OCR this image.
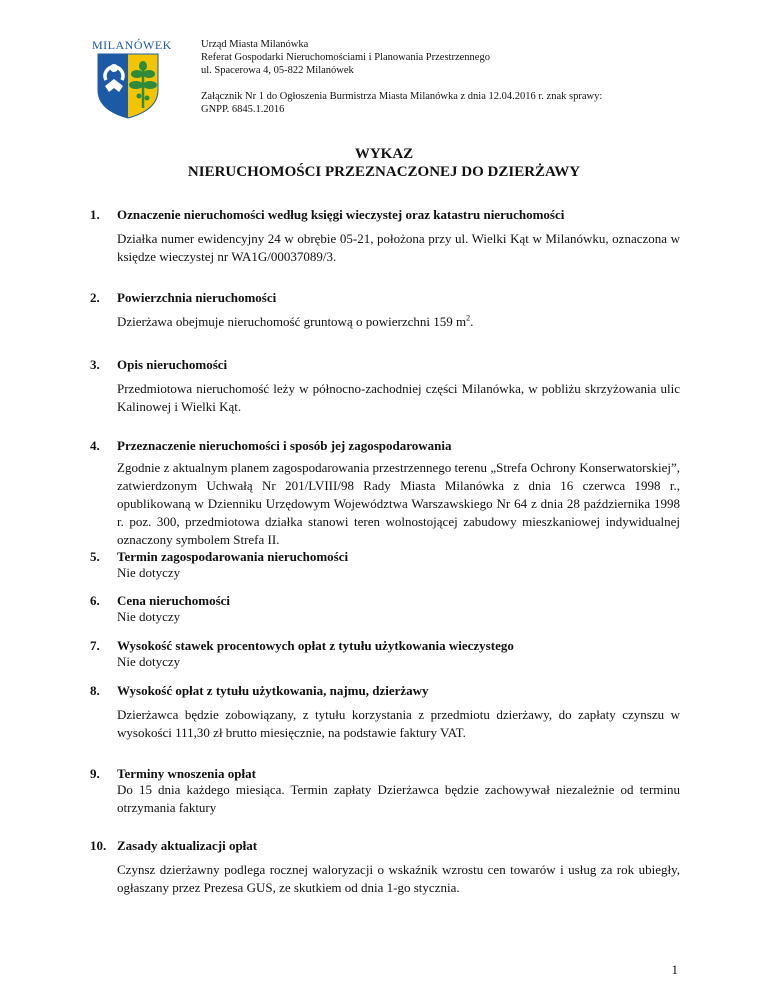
MILANÓWEK	Urząd Miasta Milanówka
Referat Gospodarki Nieruchomościami i Planowania Przestrzennego
ul. Spacerowa 4, 05-822 Milanówek
Załącznik Nr 1 do Ogłoszenia Burmistrza Miasta Milanówka z dnia 12.04.2016 r. znak sprawy:
GNPP. 6845.1.2016
WYKAZ
NIERUCHOMOŚCI PRZEZNACZONEJ DO DZIERŻAWY
1. Oznaczenie nieruchomości według księgi wieczystej oraz katastru nieruchomości
Działka numer ewidencyjny 24 w obrębie 05-21, położona przy ul. Wielki Kąt w Milanówku, oznaczona w księdze wieczystej nr WA1G/00037089/3.
2. Powierzchnia nieruchomości
Dzierżawa obejmuje nieruchomość gruntową o powierzchni 159 $m^2$.
3. Opis nieruchomości
Przedmiotowa nieruchomość leży w północno-zachodniej części Milanówka, w pobliżu skrzyżowania ulic Kalinowej i Wielki Kąt.
4. Przeznaczenie nieruchomości i sposób jej zagospodarowania
Zgodnie z aktualnym planem zagospodarowania przestrzennego terenu „Strefa Ochrony Konserwatorskiej”, zatwierdzonym Uchwałą Nr 201/LVIII/98 Rady Miasta Milanówka z dnia 16 czerwca 1998 r., opublikowaną w Dzienniku Urzędowym Województwa Warszawskiego Nr 64 z dnia 28 października 1998 r. poz. 300, przedmiotowa działka stanowi teren wolnostojącej zabudowy mieszkaniowej indywidualnej oznaczony symbolem Strefa II.
5. Termin zagospodarowania nieruchomości
Nie dotyczy
6. Cena nieruchomości
Nie dotyczy
7. Wysokość stawek procentowych opłat z tytułu użytkowania wieczystego
Nie dotyczy
8. Wysokość opłat z tytułu użytkowania, najmu, dzierżawy
Dzierżawca będzie zobowiązany, z tytułu korzystania z przedmiotu dzierżawy, do zapłaty czynszu w wysokości 111,30 zł brutto miesięcznie, na podstawie faktury VAT.
9. Terminy wnoszenia opłat
Do 15 dnia każdego miesiąca. Termin zapłaty Dzierżawca będzie zachowywał niezależnie od terminu otrzymania faktury
10. Zasady aktualizacji opłat
Czynsz dzierżawny podlega rocznej waloryzacji o wskaźnik wzrostu cen towarów i usług za rok ubiegły, ogłaszany przez Prezesa GUS, ze skutkiem od dnia 1-go stycznia.
1
